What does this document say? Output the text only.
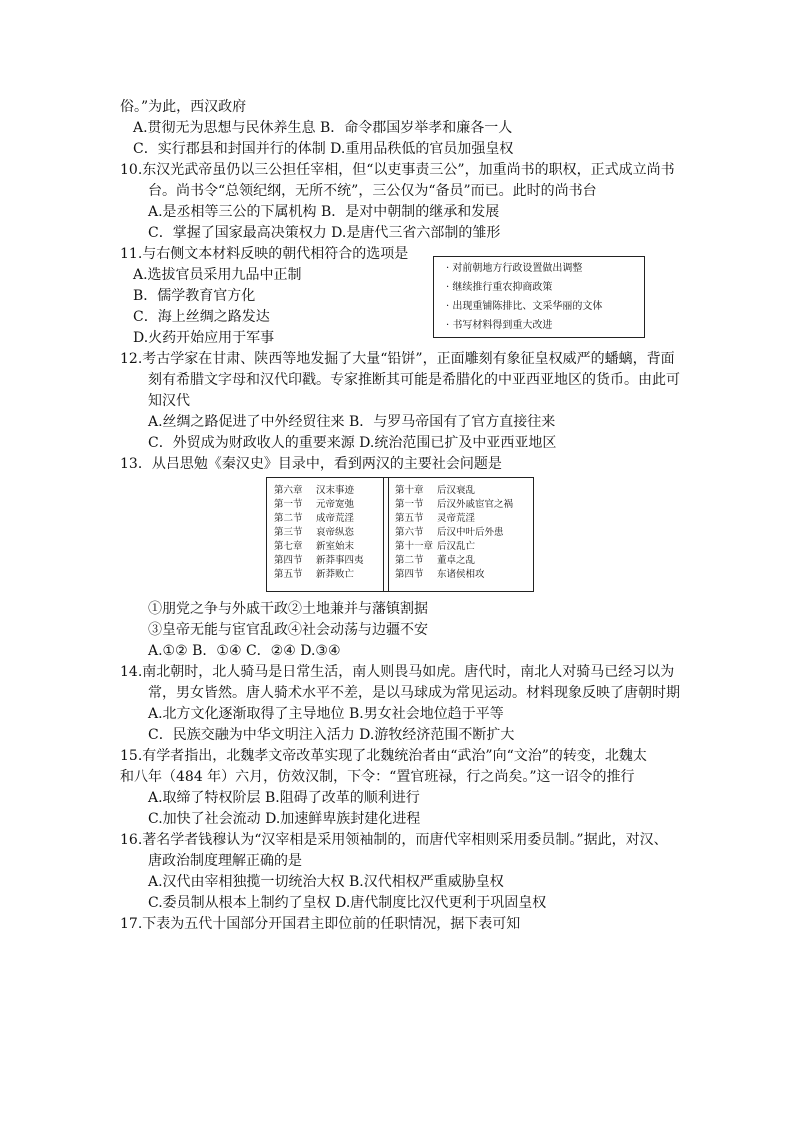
俗。”为此，西汉政府
A.贯彻无为思想与民休养生息 B．命令郡国岁举孝和廉各一人
C．实行郡县和封国并行的体制 D.重用品秩低的官员加强皇权
10.东汉光武帝虽仍以三公担任宰相，但“以吏事责三公”，加重尚书的职权，正式成立尚书
台。尚书令“总领纪纲，无所不统”，三公仅为“备员”而已。此时的尚书台
A.是丞相等三公的下属机构 B．是对中朝制的继承和发展
C．掌握了国家最高决策权力 D.是唐代三省六部制的雏形
11.与右侧文本材料反映的朝代相符合的选项是
A.选拔官员采用九品中正制
B．儒学教育官方化
C．海上丝绸之路发达
D.火药开始应用于军事
12.考古学家在甘肃、陕西等地发掘了大量“铅饼”，正面雕刻有象征皇权威严的蟠螭，背面
刻有希腊文字母和汉代印戳。专家推断其可能是希腊化的中亚西亚地区的货币。由此可
知汉代
A.丝绸之路促进了中外经贸往来 B．与罗马帝国有了官方直接往来
C．外贸成为财政收人的重要来源 D.统治范围已扩及中亚西亚地区
13．从吕思勉《秦汉史》目录中，看到两汉的主要社会问题是
①朋党之争与外戚干政②土地兼并与藩镇割据
③皇帝无能与宦官乱政④社会动荡与边疆不安
A.①② B．①④ C．②④ D.③④
14.南北朝时，北人骑马是日常生活，南人则畏马如虎。唐代时，南北人对骑马已经习以为
常，男女皆然。唐人骑术水平不差，是以马球成为常见运动。材料现象反映了唐朝时期
A.北方文化逐渐取得了主导地位 B.男女社会地位趋于平等
C．民族交融为中华文明注入活力 D.游牧经济范围不断扩大
15.有学者指出，北魏孝文帝改革实现了北魏统治者由“武治”向“文治”的转变，北魏太
和八年（484 年）六月，仿效汉制，下令：“置官班禄，行之尚矣。”这一诏令的推行
A.取缔了特权阶层 B.阻碍了改革的顺利进行
C.加快了社会流动 D.加速鲜卑族封建化进程
16.著名学者钱穆认为“汉宰相是采用领袖制的，而唐代宰相则采用委员制。”据此，对汉、
唐政治制度理解正确的是
A.汉代由宰相独揽一切统治大权 B.汉代相权严重威胁皇权
C.委员制从根本上制约了皇权 D.唐代制度比汉代更利于巩固皇权
17.下表为五代十国部分开国君主即位前的任职情况，据下表可知
· 对前朝地方行政设置做出调整
· 继续推行重农抑商政策
· 出现重铺陈排比、文采华丽的文体
· 书写材料得到重大改进
第六章 汉末事迹
第一节 元帝宽弛
第二节 成帝荒淫
第三节 哀帝纵恣
第七章 新室始末
第四节 新莽事四夷
第五节 新莽败亡
第十章 后汉衰乱
第一节 后汉外戚宦官之祸
第五节 灵帝荒淫
第六节 后汉中叶后外患
第十一章 后汉乱亡
第二节 董卓之乱
第四节 东诸侯相攻
